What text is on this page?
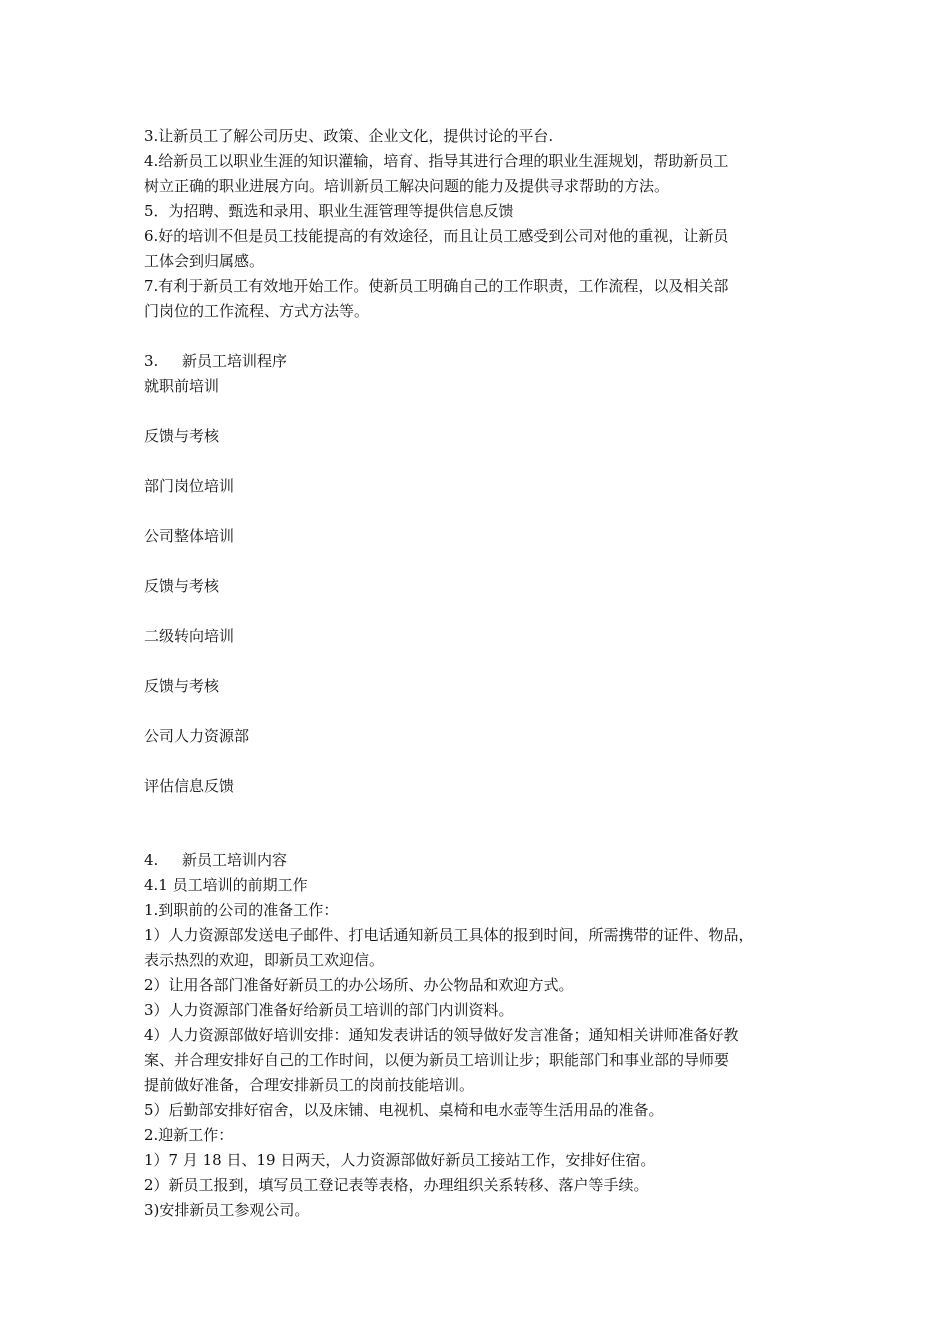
3.让新员工了解公司历史、政策、企业文化，提供讨论的平台.
4.给新员工以职业生涯的知识灌输，培育、指导其进行合理的职业生涯规划，帮助新员工
树立正确的职业进展方向。培训新员工解决问题的能力及提供寻求帮助的方法。
5．为招聘、甄选和录用、职业生涯管理等提供信息反馈
6.好的培训不但是员工技能提高的有效途径，而且让员工感受到公司对他的重视，让新员
工体会到归属感。
7.有利于新员工有效地开始工作。使新员工明确自己的工作职责，工作流程，以及相关部
门岗位的工作流程、方式方法等。
3.	新员工培训程序
就职前培训
反馈与考核
部门岗位培训
公司整体培训
反馈与考核
二级转向培训
反馈与考核
公司人力资源部
评估信息反馈
4.	新员工培训内容
4.1 员工培训的前期工作
1.到职前的公司的准备工作：
1）人力资源部发送电子邮件、打电话通知新员工具体的报到时间，所需携带的证件、物品，
表示热烈的欢迎，即新员工欢迎信。
2）让用各部门准备好新员工的办公场所、办公物品和欢迎方式。
3）人力资源部门准备好给新员工培训的部门内训资料。
4）人力资源部做好培训安排：通知发表讲话的领导做好发言准备；通知相关讲师准备好教
案、并合理安排好自己的工作时间，以便为新员工培训让步；职能部门和事业部的导师要
提前做好准备，合理安排新员工的岗前技能培训。
5）后勤部安排好宿舍，以及床铺、电视机、桌椅和电水壶等生活用品的准备。
2.迎新工作：
1）7 月 18 日、19 日两天，人力资源部做好新员工接站工作，安排好住宿。
2）新员工报到，填写员工登记表等表格，办理组织关系转移、落户等手续。
3)安排新员工参观公司。
